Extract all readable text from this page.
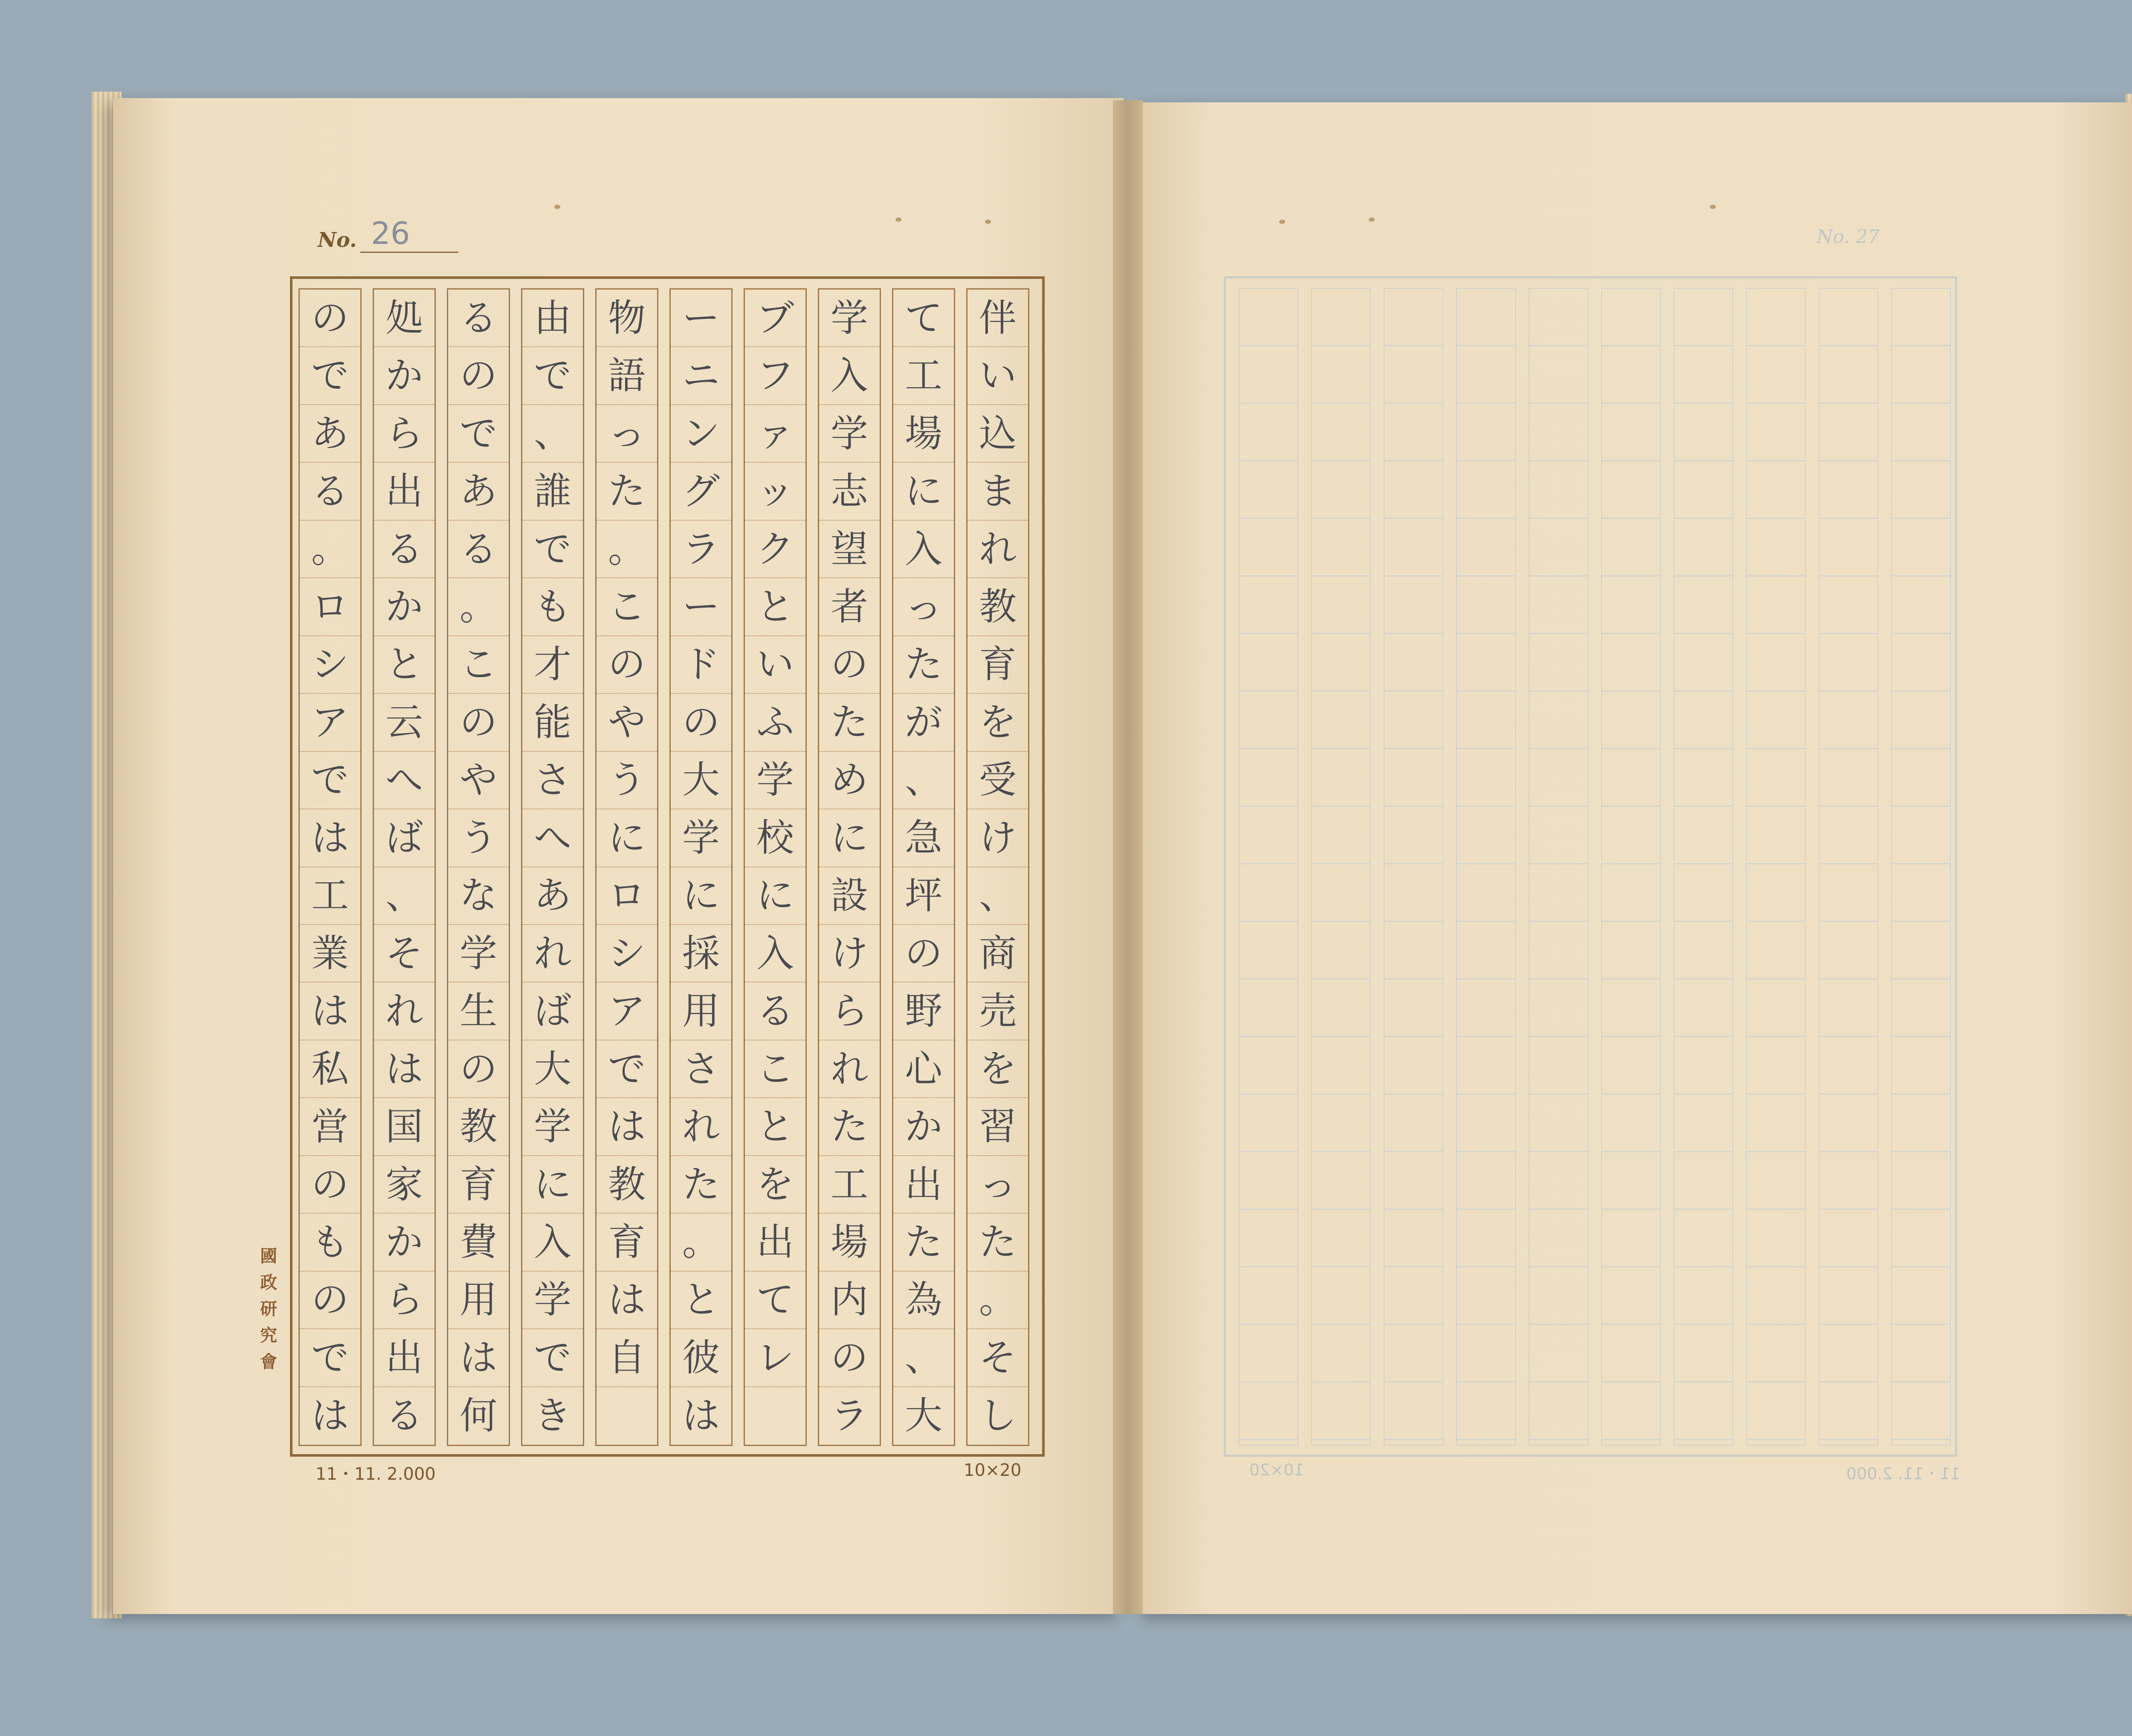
No. 26
伴
い
込
ま
れ
教
育
を
受
け
、
商
売
を
習
っ
た
。
そ
し
て
工
場
に
入
っ
た
が
、
急
坪
の
野
心
か
出
た
為
、
大
学
入
学
志
望
者
の
た
め
に
設
け
ら
れ
た
工
場
内
の
ラ
ブ
フ
ァ
ッ
ク
と
い
ふ
学
校
に
入
る
こ
と
を
出
て
レ
ー
ニ
ン
グ
ラ
ー
ド
の
大
学
に
採
用
さ
れ
た
。
と
彼
は
物
語
っ
た
。
こ
の
や
う
に
ロ
シ
ア
で
は
教
育
は
自
由
で
、
誰
で
も
才
能
さ
へ
あ
れ
ば
大
学
に
入
学
で
き
る
の
で
あ
る
。
こ
の
や
う
な
学
生
の
教
育
費
用
は
何
処
か
ら
出
る
か
と
云
へ
ば
、
そ
れ
は
国
家
か
ら
出
る
の
で
あ
る
。
ロ
シ
ア
で
は
工
業
は
私
営
の
も
の
で
は
國
政
研
究
會
11・11. 2.000	10×20
No. 27
10×20	11・11. 2.000
